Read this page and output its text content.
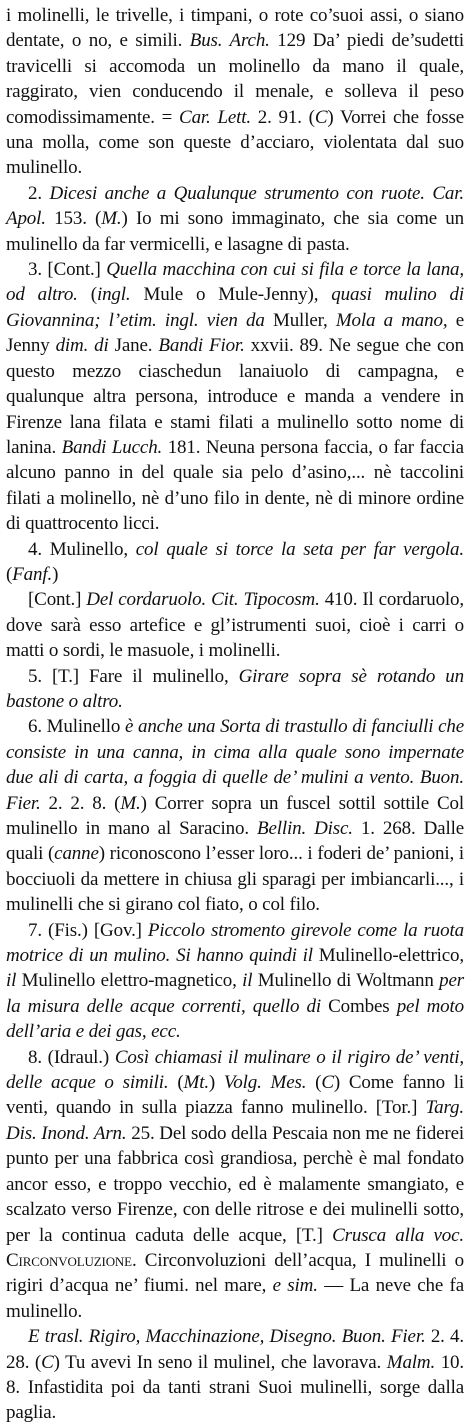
i molinelli, le trivelle, i timpani, o rote co’suoi assi, o siano dentate, o no, e simili. Bus. Arch. 129 Da’ piedi de’sudetti travicelli si accomoda un molinello da mano il quale, raggirato, vien conducendo il menale, e solleva il peso comodissimamente. = Car. Lett. 2. 91. (C) Vorrei che fosse una molla, come son queste d’acciaro, violentata dal suo mulinello.

2. Dicesi anche a Qualunque strumento con ruote. Car. Apol. 153. (M.) Io mi sono immaginato, che sia come un mulinello da far vermicelli, e lasagne di pasta.

3. [Cont.] Quella macchina con cui si fila e torce la lana, od altro. (ingl. Mule o Mule-Jenny), quasi mulino di Giovannina; l’etim. ingl. vien da Muller, Mola a mano, e Jenny dim. di Jane. Bandi Fior. xxvii. 89. Ne segue che con questo mezzo ciaschedun lanaiuolo di campagna, e qualunque altra persona, introduce e manda a vendere in Firenze lana filata e stami filati a mulinello sotto nome di lanina. Bandi Lucch. 181. Neuna persona faccia, o far faccia alcuno panno in del quale sia pelo d’asino,... nè taccolini filati a molinello, nè d’uno filo in dente, nè di minore ordine di quattrocento licci.

4. Mulinello, col quale si torce la seta per far vergola. (Fanf.)

[Cont.] Del cordaruolo. Cit. Tipocosm. 410. Il cordaruolo, dove sarà esso artefice e gl’istrumenti suoi, cioè i carri o matti o sordi, le masuole, i molinelli.

5. [T.] Fare il mulinello, Girare sopra sè rotando un bastone o altro.

6. Mulinello è anche una Sorta di trastullo di fanciulli che consiste in una canna, in cima alla quale sono impernate due ali di carta, a foggia di quelle de’ mulini a vento. Buon. Fier. 2. 2. 8. (M.) Correr sopra un fuscel sottil sottile Col mulinello in mano al Saracino. Bellin. Disc. 1. 268. Dalle quali (canne) riconoscono l’esser loro... i foderi de’ panioni, i bocciuoli da mettere in chiusa gli sparagi per imbiancarli..., i mulinelli che si girano col fiato, o col filo.

7. (Fis.) [Gov.] Piccolo stromento girevole come la ruota motrice di un mulino. Si hanno quindi il Mulinello-elettrico, il Mulinello elettro-magnetico, il Mulinello di Woltmann per la misura delle acque correnti, quello di Combes pel moto dell’aria e dei gas, ecc.

8. (Idraul.) Così chiamasi il mulinare o il rigiro de’ venti, delle acque o simili. (Mt.) Volg. Mes. (C) Come fanno li venti, quando in sulla piazza fanno mulinello. [Tor.] Targ. Dis. Inond. Arn. 25. Del sodo della Pescaia non me ne fiderei punto per una fabbrica così grandiosa, perchè è mal fondato ancor esso, e troppo vecchio, ed è malamente smangiato, e scalzato verso Firenze, con delle ritrose e dei mulinelli sotto, per la continua caduta delle acque, [T.] Crusca alla voc. Circonvoluzione. Circonvoluzioni dell’acqua, I mulinelli o rigiri d’acqua ne’ fiumi. nel mare, e sim. — La neve che fa mulinello.

E trasl. Rigiro, Macchinazione, Disegno. Buon. Fier. 2. 4. 28. (C) Tu avevi In seno il mulinel, che lavorava. Malm. 10. 8. Infastidita poi da tanti strani Suoi mulinelli, sorge dalla paglia.
